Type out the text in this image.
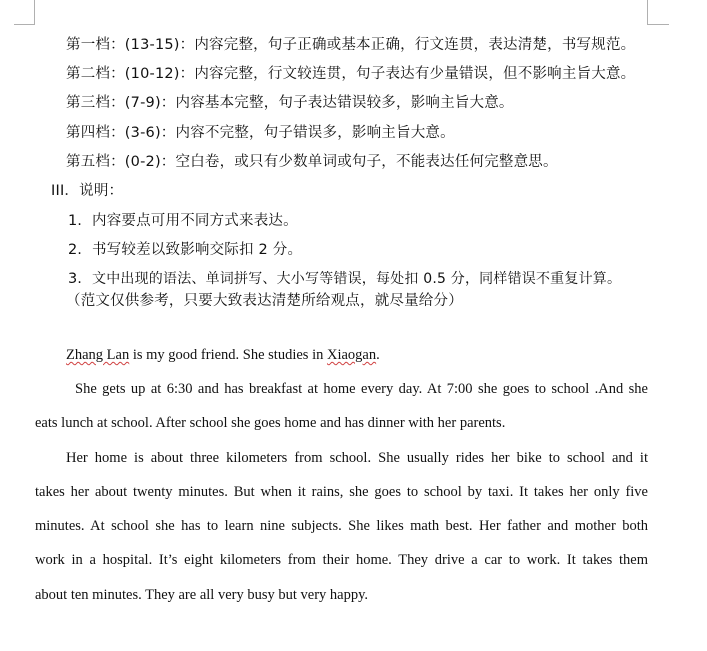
第一档：(13-15)：内容完整，句子正确或基本正确，行文连贯，表达清楚，书写规范。
第二档：(10-12)：内容完整，行文较连贯，句子表达有少量错误，但不影响主旨大意。
第三档：(7-9)：内容基本完整，句子表达错误较多，影响主旨大意。
第四档：(3-6)：内容不完整，句子错误多，影响主旨大意。
第五档：(0-2)：空白卷，或只有少数单词或句子，不能表达任何完整意思。
III．说明：
1. 内容要点可用不同方式来表达。
2. 书写较差以致影响交际扣 2 分。
3. 文中出现的语法、单词拼写、大小写等错误，每处扣 0.5 分，同样错误不重复计算。
（范文仅供参考，只要大致表达清楚所给观点，就尽量给分）
Zhang Lan is my good friend. She studies in Xiaogan.
She gets up at 6:30 and has breakfast at home every day. At 7:00 she goes to school .And she
eats lunch at school. After school she goes home and has dinner with her parents.
Her home is about three kilometers from school. She usually rides her bike to school and it
takes her about twenty minutes. But when it rains, she goes to school by taxi. It takes her only five
minutes. At school she has to learn nine subjects. She likes math best. Her father and mother both
work in a hospital. It’s eight kilometers from their home. They drive a car to work. It takes them
about ten minutes. They are all very busy but very happy.
